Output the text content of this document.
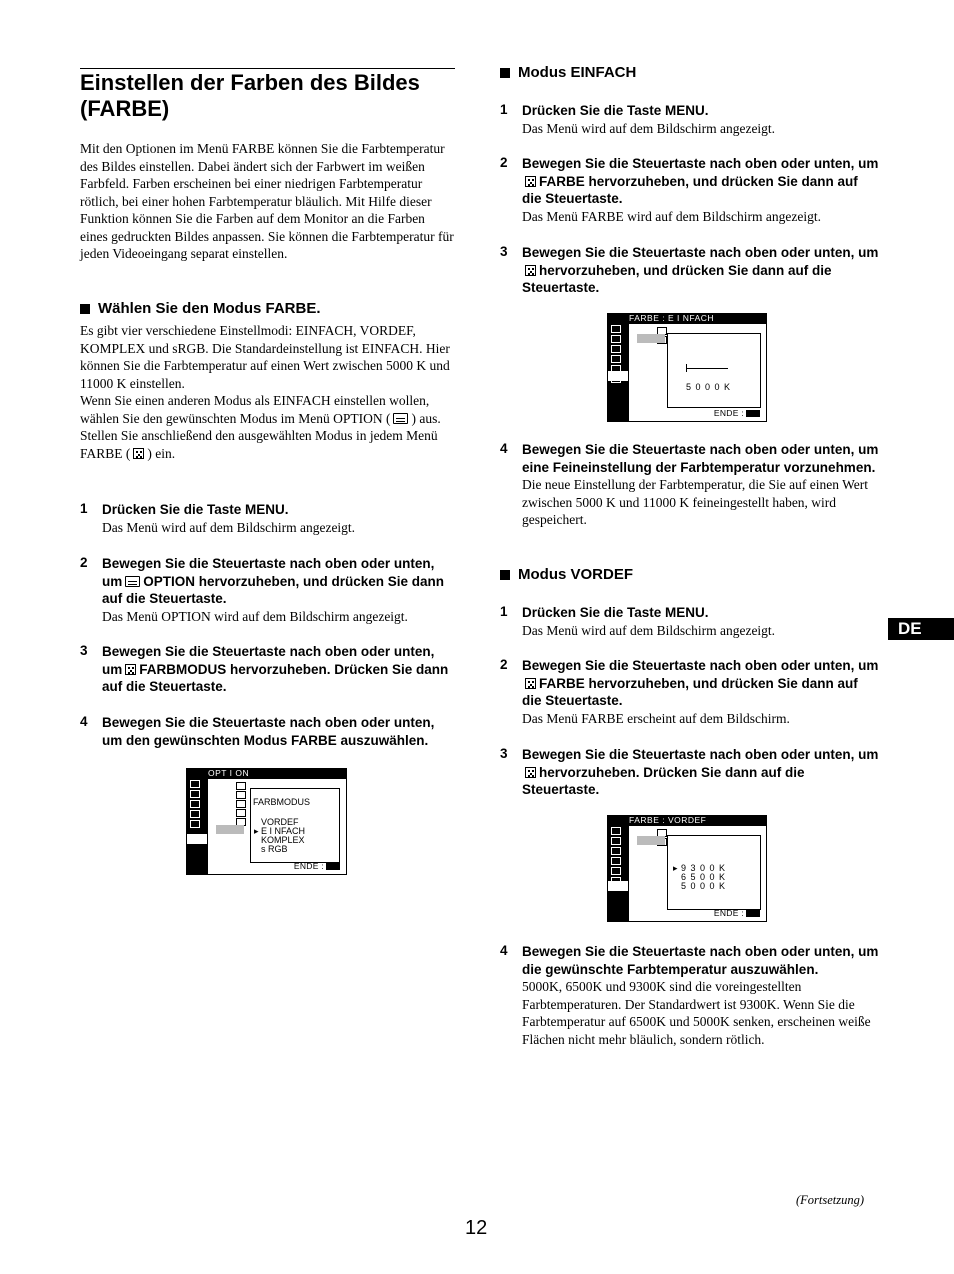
Einstellen der Farben des Bildes (FARBE)
Mit den Optionen im Menü FARBE können Sie die Farbtemperatur des Bildes einstellen. Dabei ändert sich der Farbwert im weißen Farbfeld. Farben erscheinen bei einer niedrigen Farbtemperatur rötlich, bei einer hohen Farbtemperatur bläulich. Mit Hilfe dieser Funktion können Sie die Farben auf dem Monitor an die Farben eines gedruckten Bildes anpassen. Sie können die Farbtemperatur für jeden Videoeingang separat einstellen.
Wählen Sie den Modus FARBE.
Es gibt vier verschiedene Einstellmodi: EINFACH, VORDEF, KOMPLEX und sRGB. Die Standardeinstellung ist EINFACH. Hier können Sie die Farbtemperatur auf einen Wert zwischen 5000 K und 11000 K einstellen.
Wenn Sie einen anderen Modus als EINFACH einstellen wollen, wählen Sie den gewünschten Modus im Menü OPTION ( ) aus. Stellen Sie anschließend den ausgewählten Modus in jedem Menü FARBE ( ) ein.
1 Drücken Sie die Taste MENU.
Das Menü wird auf dem Bildschirm angezeigt.
2 Bewegen Sie die Steuertaste nach oben oder unten, um OPTION hervorzuheben, und drücken Sie dann auf die Steuertaste.
Das Menü OPTION wird auf dem Bildschirm angezeigt.
3 Bewegen Sie die Steuertaste nach oben oder unten, um FARBMODUS hervorzuheben. Drücken Sie dann auf die Steuertaste.
4 Bewegen Sie die Steuertaste nach oben oder unten, um den gewünschten Modus FARBE auszuwählen.
OPT I ON
FARBMODUS
VORDEF
▸ E I NFACH
KOMPLEX
s RGB
ENDE :
Modus EINFACH
1 Drücken Sie die Taste MENU.
Das Menü wird auf dem Bildschirm angezeigt.
2 Bewegen Sie die Steuertaste nach oben oder unten, umFARBE hervorzuheben, und drücken Sie dann auf die Steuertaste.
Das Menü FARBE wird auf dem Bildschirm angezeigt.
3 Bewegen Sie die Steuertaste nach oben oder unten, umhervorzuheben, und drücken Sie dann auf die Steuertaste.
4 Bewegen Sie die Steuertaste nach oben oder unten, um eine Feineinstellung der Farbtemperatur vorzunehmen.
Die neue Einstellung der Farbtemperatur, die Sie auf einen Wert zwischen 5000 K und 11000 K feineingestellt haben, wird gespeichert.
Modus VORDEF
1 Drücken Sie die Taste MENU.
Das Menü wird auf dem Bildschirm angezeigt.
2 Bewegen Sie die Steuertaste nach oben oder unten, umFARBE hervorzuheben, und drücken Sie dann auf die Steuertaste.
Das Menü FARBE erscheint auf dem Bildschirm.
3 Bewegen Sie die Steuertaste nach oben oder unten, umhervorzuheben. Drücken Sie dann auf die Steuertaste.
4 Bewegen Sie die Steuertaste nach oben oder unten, um die gewünschte Farbtemperatur auszuwählen.
5000K, 6500K und 9300K sind die voreingestellten Farbtemperaturen. Der Standardwert ist 9300K. Wenn Sie die Farbtemperatur auf 6500K und 5000K senken, erscheinen weiße Flächen nicht mehr bläulich, sondern rötlich.
FARBE : E I NFACH
5 0 0 0 K
ENDE :
FARBE : VORDEF
▸ 9 3 0 0 K
6 5 0 0 K
5 0 0 0 K
ENDE :
DE
(Fortsetzung)
12
